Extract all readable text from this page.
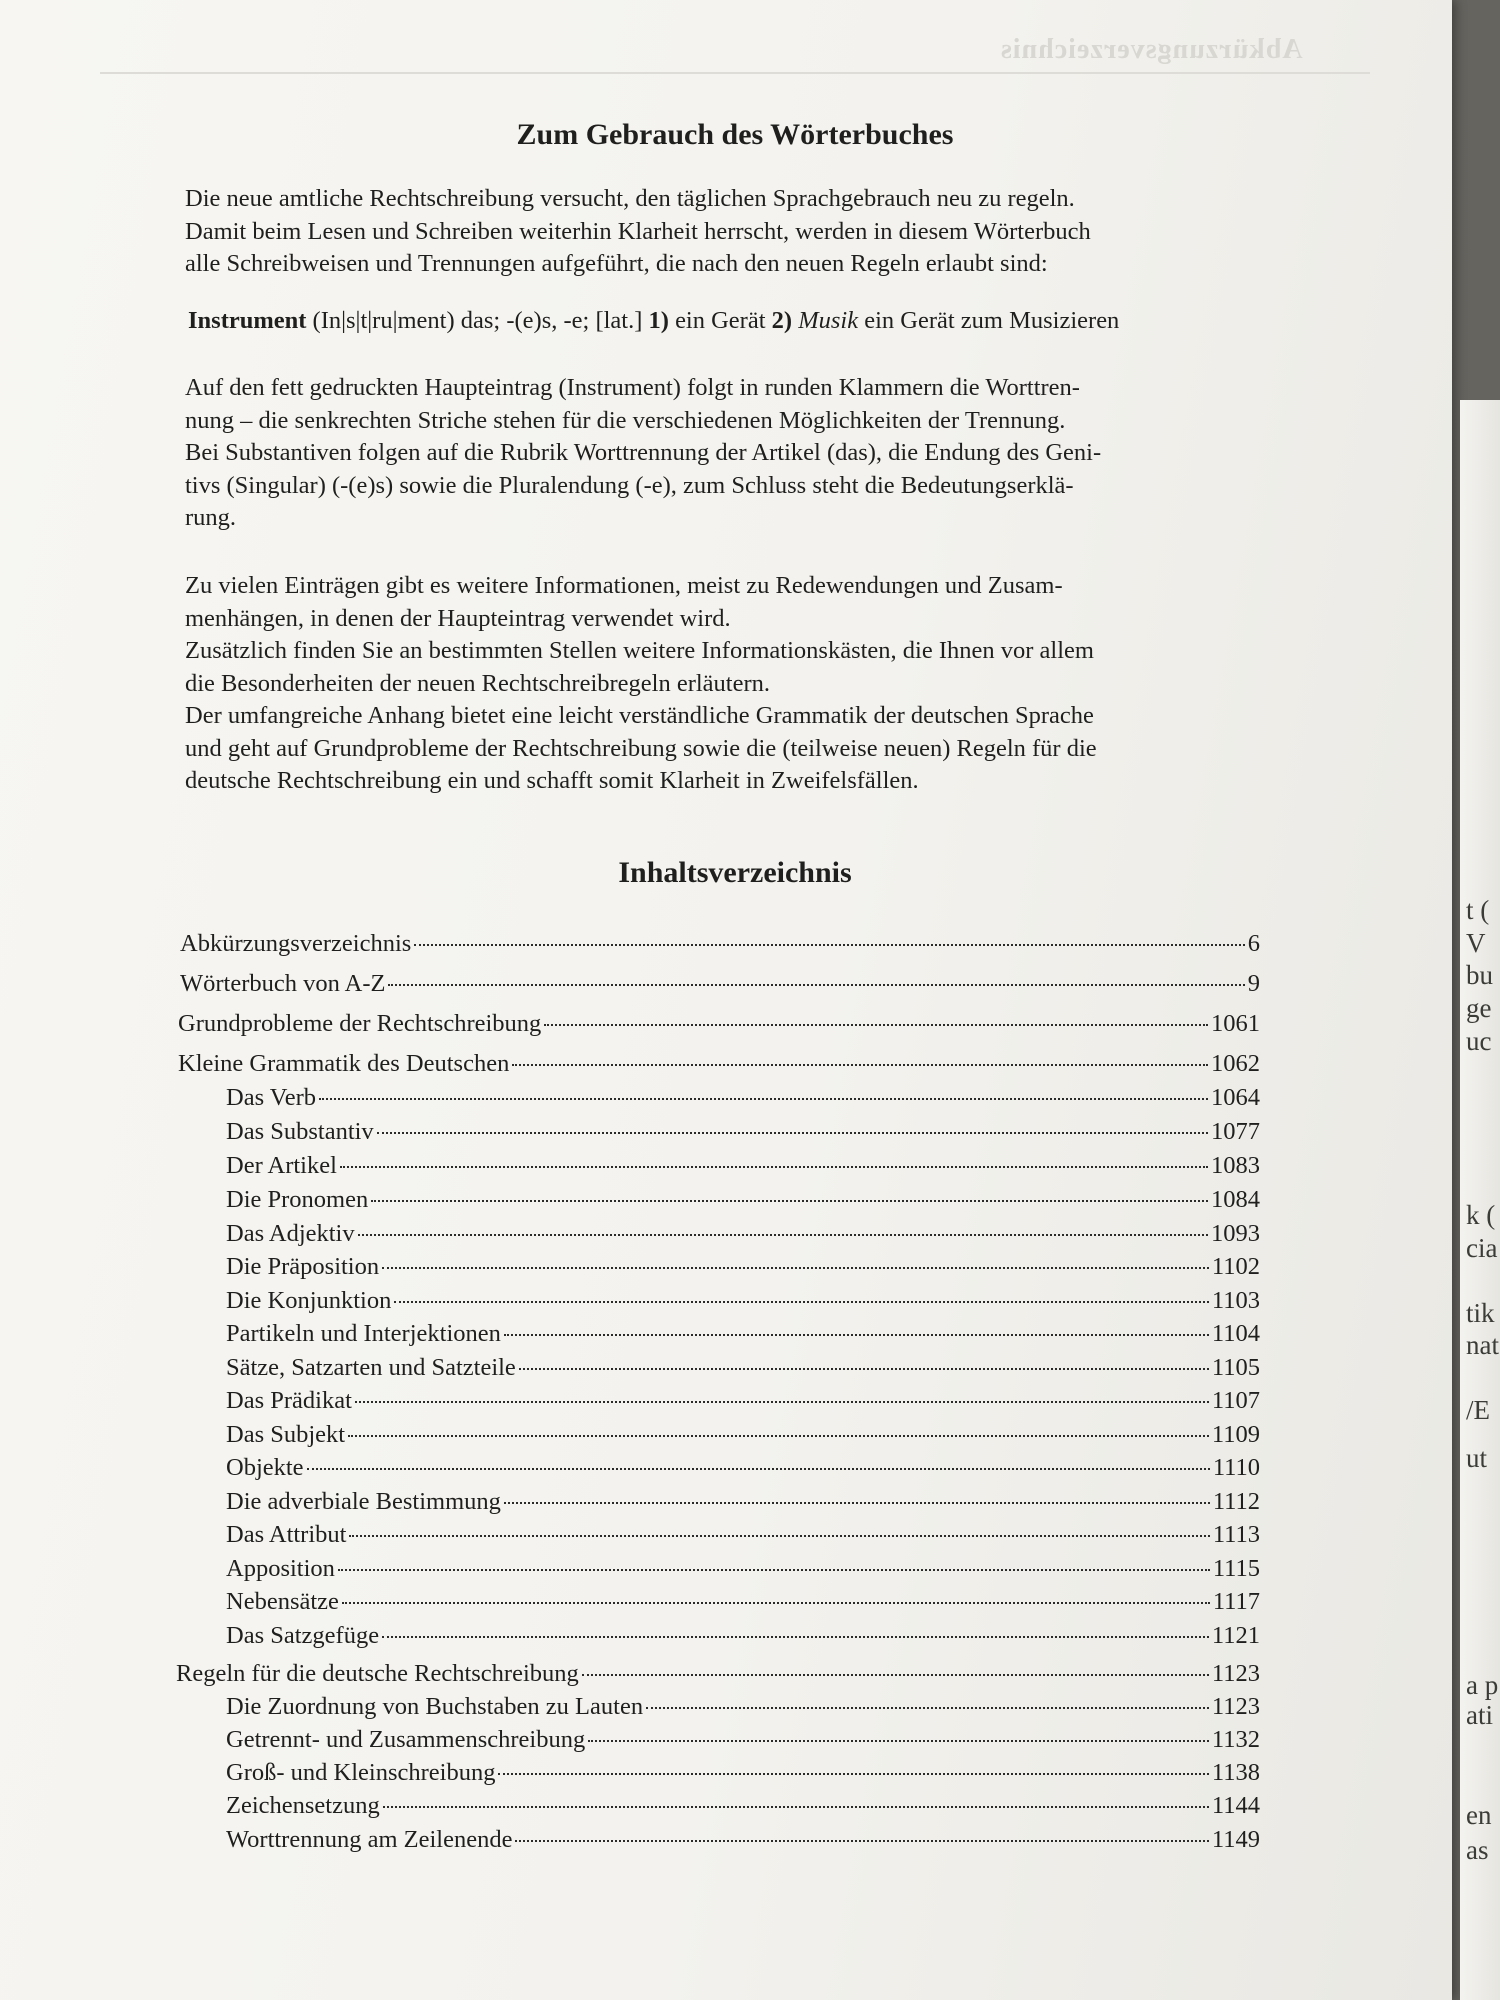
Abkürzungsverzeichnis
t (
V
bu
ge
uc
k (
cia
tik
nat
/E
ut
a p
ati
en
as
Zum Gebrauch des Wörterbuches

Die neue amtliche Rechtschreibung versucht, den täglichen Sprachgebrauch neu zu regeln.
Damit beim Lesen und Schreiben weiterhin Klarheit herrscht, werden in diesem Wörterbuch
alle Schreibweisen und Trennungen aufgeführt, die nach den neuen Regeln erlaubt sind:

Instrument (In|s|t|ru|ment) das; -(e)s, -e; [lat.] 1) ein Gerät 2) Musik ein Gerät zum Musizieren

Auf den fett gedruckten Haupteintrag (Instrument) folgt in runden Klammern die Worttren-
nung – die senkrechten Striche stehen für die verschiedenen Möglichkeiten der Trennung.
Bei Substantiven folgen auf die Rubrik Worttrennung der Artikel (das), die Endung des Geni-
tivs (Singular) (-(e)s) sowie die Pluralendung (-e), zum Schluss steht die Bedeutungserklä-
rung.

Zu vielen Einträgen gibt es weitere Informationen, meist zu Redewendungen und Zusam-
menhängen, in denen der Haupteintrag verwendet wird.
Zusätzlich finden Sie an bestimmten Stellen weitere Informationskästen, die Ihnen vor allem
die Besonderheiten der neuen Rechtschreibregeln erläutern.
Der umfangreiche Anhang bietet eine leicht verständliche Grammatik der deutschen Sprache
und geht auf Grundprobleme der Rechtschreibung sowie die (teilweise neuen) Regeln für die
deutsche Rechtschreibung ein und schafft somit Klarheit in Zweifelsfällen.

Inhaltsverzeichnis
Abkürzungsverzeichnis	6
Wörterbuch von A-Z	9
Grundprobleme der Rechtschreibung	1061
Kleine Grammatik des Deutschen	1062
Das Verb	1064
Das Substantiv	1077
Der Artikel	1083
Die Pronomen	1084
Das Adjektiv	1093
Die Präposition	1102
Die Konjunktion	1103
Partikeln und Interjektionen	1104
Sätze, Satzarten und Satzteile	1105
Das Prädikat	1107
Das Subjekt	1109
Objekte	1110
Die adverbiale Bestimmung	1112
Das Attribut	1113
Apposition	1115
Nebensätze	1117
Das Satzgefüge	1121
Regeln für die deutsche Rechtschreibung	1123
Die Zuordnung von Buchstaben zu Lauten	1123
Getrennt- und Zusammenschreibung	1132
Groß- und Kleinschreibung	1138
Zeichensetzung	1144
Worttrennung am Zeilenende	1149
